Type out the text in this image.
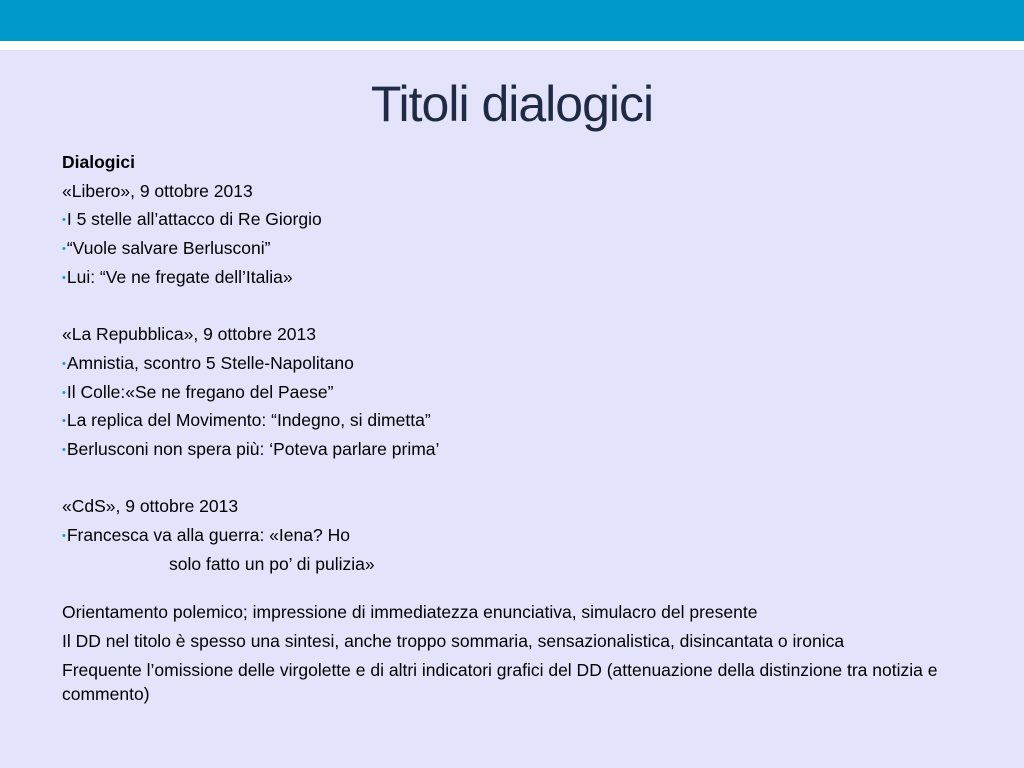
Titoli dialogici
Dialogici
«Libero», 9 ottobre 2013
•I 5 stelle all’attacco di Re Giorgio
•“Vuole salvare Berlusconi”
•Lui: “Ve ne fregate dell’Italia»
«La Repubblica», 9 ottobre 2013
•Amnistia, scontro 5 Stelle-Napolitano
•Il Colle:«Se ne fregano del Paese”
•La replica del Movimento: “Indegno, si dimetta”
•Berlusconi non spera più: ‘Poteva parlare prima’
«CdS», 9 ottobre 2013
•Francesca va alla guerra: «Iena? Ho
solo fatto un po’ di pulizia»
Orientamento polemico; impressione di immediatezza enunciativa, simulacro del presente
Il DD nel titolo è spesso una sintesi, anche troppo sommaria, sensazionalistica, disincantata o ironica
Frequente l’omissione delle virgolette e di altri indicatori grafici del DD (attenuazione della distinzione tra notizia e commento)
